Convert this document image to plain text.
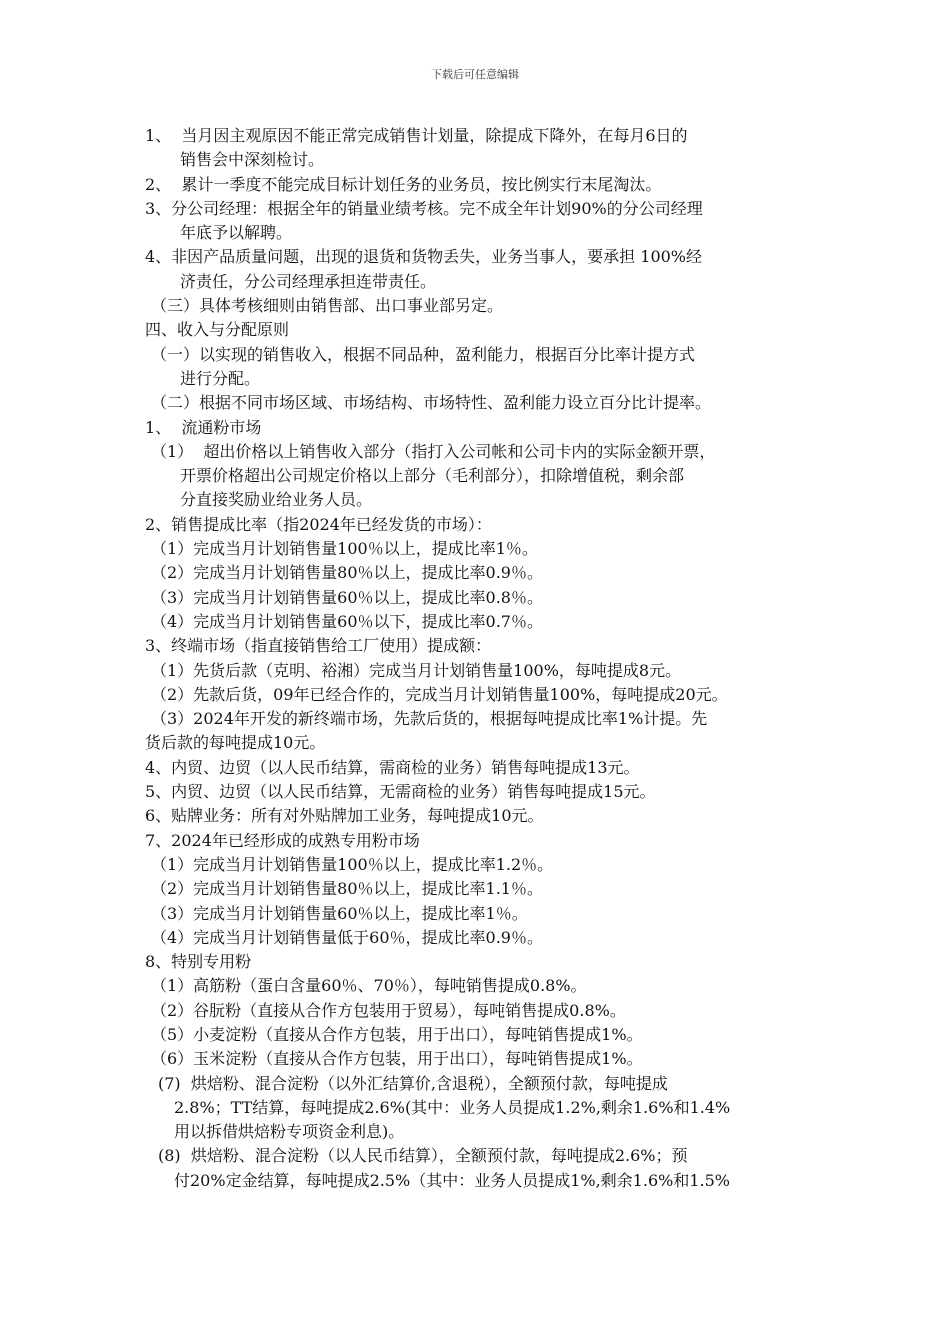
下载后可任意编辑

1、  当月因主观原因不能正常完成销售计划量，除提成下降外，在每月6日的

销售会中深刻检讨。

2、  累计一季度不能完成目标计划任务的业务员，按比例实行末尾淘汰。

3、分公司经理：根据全年的销量业绩考核。完不成全年计划90%的分公司经理

年底予以解聘。

4、非因产品质量问题，出现的退货和货物丢失，业务当事人，要承担 100%经

济责任，分公司经理承担连带责任。

（三）具体考核细则由销售部、出口事业部另定。

四、收入与分配原则

（一）以实现的销售收入，根据不同品种，盈利能力，根据百分比率计提方式

进行分配。

（二）根据不同市场区域、市场结构、市场特性、盈利能力设立百分比计提率。

1、  流通粉市场

（1）  超出价格以上销售收入部分（指打入公司帐和公司卡内的实际金额开票，

开票价格超出公司规定价格以上部分（毛利部分），扣除增值税，剩余部

分直接奖励业给业务人员。

2、销售提成比率（指2024年已经发货的市场）：

（1）完成当月计划销售量100％以上，提成比率1％。

（2）完成当月计划销售量80％以上，提成比率0.9％。

（3）完成当月计划销售量60％以上，提成比率0.8％。

（4）完成当月计划销售量60％以下，提成比率0.7％。

3、终端市场（指直接销售给工厂使用）提成额：

（1）先货后款（克明、裕湘）完成当月计划销售量100%，每吨提成8元。

（2）先款后货，09年已经合作的，完成当月计划销售量100%，每吨提成20元。

（3）2024年开发的新终端市场，先款后货的，根据每吨提成比率1%计提。先

货后款的每吨提成10元。

4、内贸、边贸（以人民币结算，需商检的业务）销售每吨提成13元。

5、内贸、边贸（以人民币结算，无需商检的业务）销售每吨提成15元。

6、贴牌业务：所有对外贴牌加工业务，每吨提成10元。

7、2024年已经形成的成熟专用粉市场

（1）完成当月计划销售量100％以上，提成比率1.2％。

（2）完成当月计划销售量80％以上，提成比率1.1％。

（3）完成当月计划销售量60％以上，提成比率1％。

（4）完成当月计划销售量低于60％，提成比率0.9％。

8、特别专用粉

（1）高筋粉（蛋白含量60％、70％），每吨销售提成0.8%。

（2）谷朊粉（直接从合作方包装用于贸易），每吨销售提成0.8%。

（5）小麦淀粉（直接从合作方包装，用于出口），每吨销售提成1%。

（6）玉米淀粉（直接从合作方包装，用于出口），每吨销售提成1%。

(7)  烘焙粉、混合淀粉（以外汇结算价,含退税），全额预付款，每吨提成

2.8%；TT结算，每吨提成2.6%(其中：业务人员提成1.2%,剩余1.6%和1.4%

用以拆借烘焙粉专项资金利息)。

(8)  烘焙粉、混合淀粉（以人民币结算），全额预付款，每吨提成2.6%；预

付20%定金结算，每吨提成2.5%（其中：业务人员提成1%,剩余1.6%和1.5%
